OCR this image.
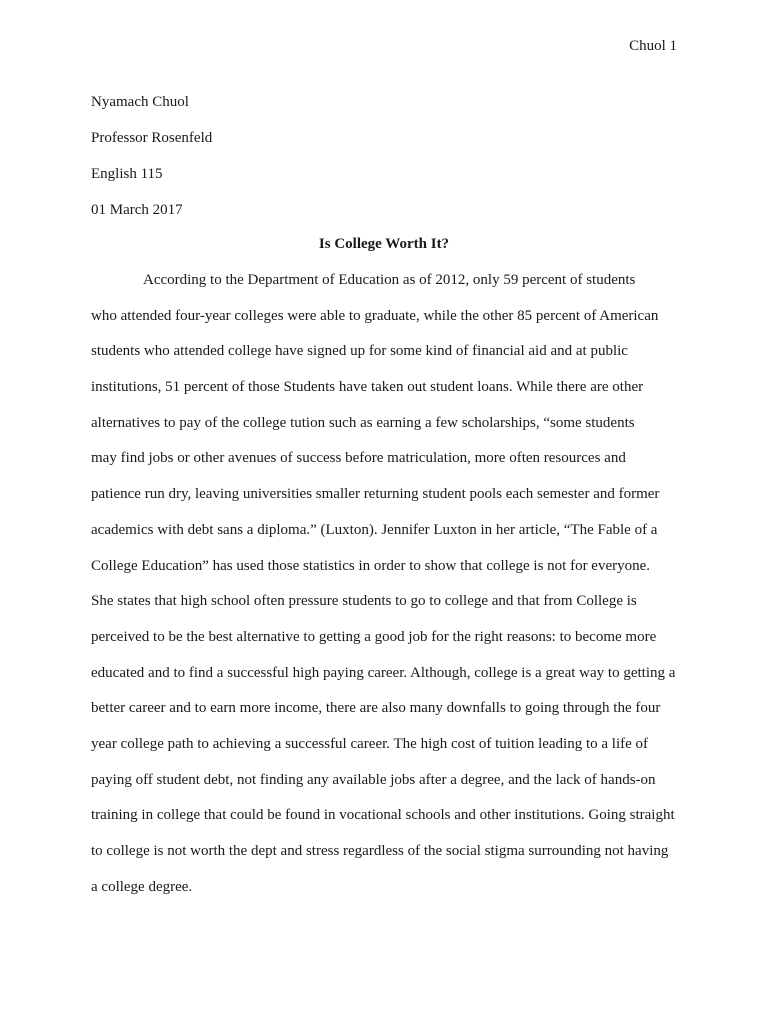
Chuol 1
Nyamach Chuol
Professor Rosenfeld
English 115
01 March 2017
Is College Worth It?
According to the Department of Education as of 2012, only 59 percent of students
who attended four-year colleges were able to graduate, while the other 85 percent of American
students who attended college have signed up for some kind of financial aid and at public
institutions, 51 percent of those Students have taken out student loans. While there are other
alternatives to pay of the college tution such as earning a few scholarships, “some students
may find jobs or other avenues of success before matriculation, more often resources and
patience run dry, leaving universities smaller returning student pools each semester and former
academics with debt sans a diploma.” (Luxton). Jennifer Luxton in her article, “The Fable of a
College Education” has used those statistics in order to show that college is not for everyone.
She states that high school often pressure students to go to college and that from College is
perceived to be the best alternative to getting a good job for the right reasons: to become more
educated and to find a successful high paying career. Although, college is a great way to getting a
better career and to earn more income, there are also many downfalls to going through the four
year college path to achieving a successful career. The high cost of tuition leading to a life of
paying off student debt, not finding any available jobs after a degree, and the lack of hands-on
training in college that could be found in vocational schools and other institutions. Going straight
to college is not worth the dept and stress regardless of the social stigma surrounding not having
a college degree.
